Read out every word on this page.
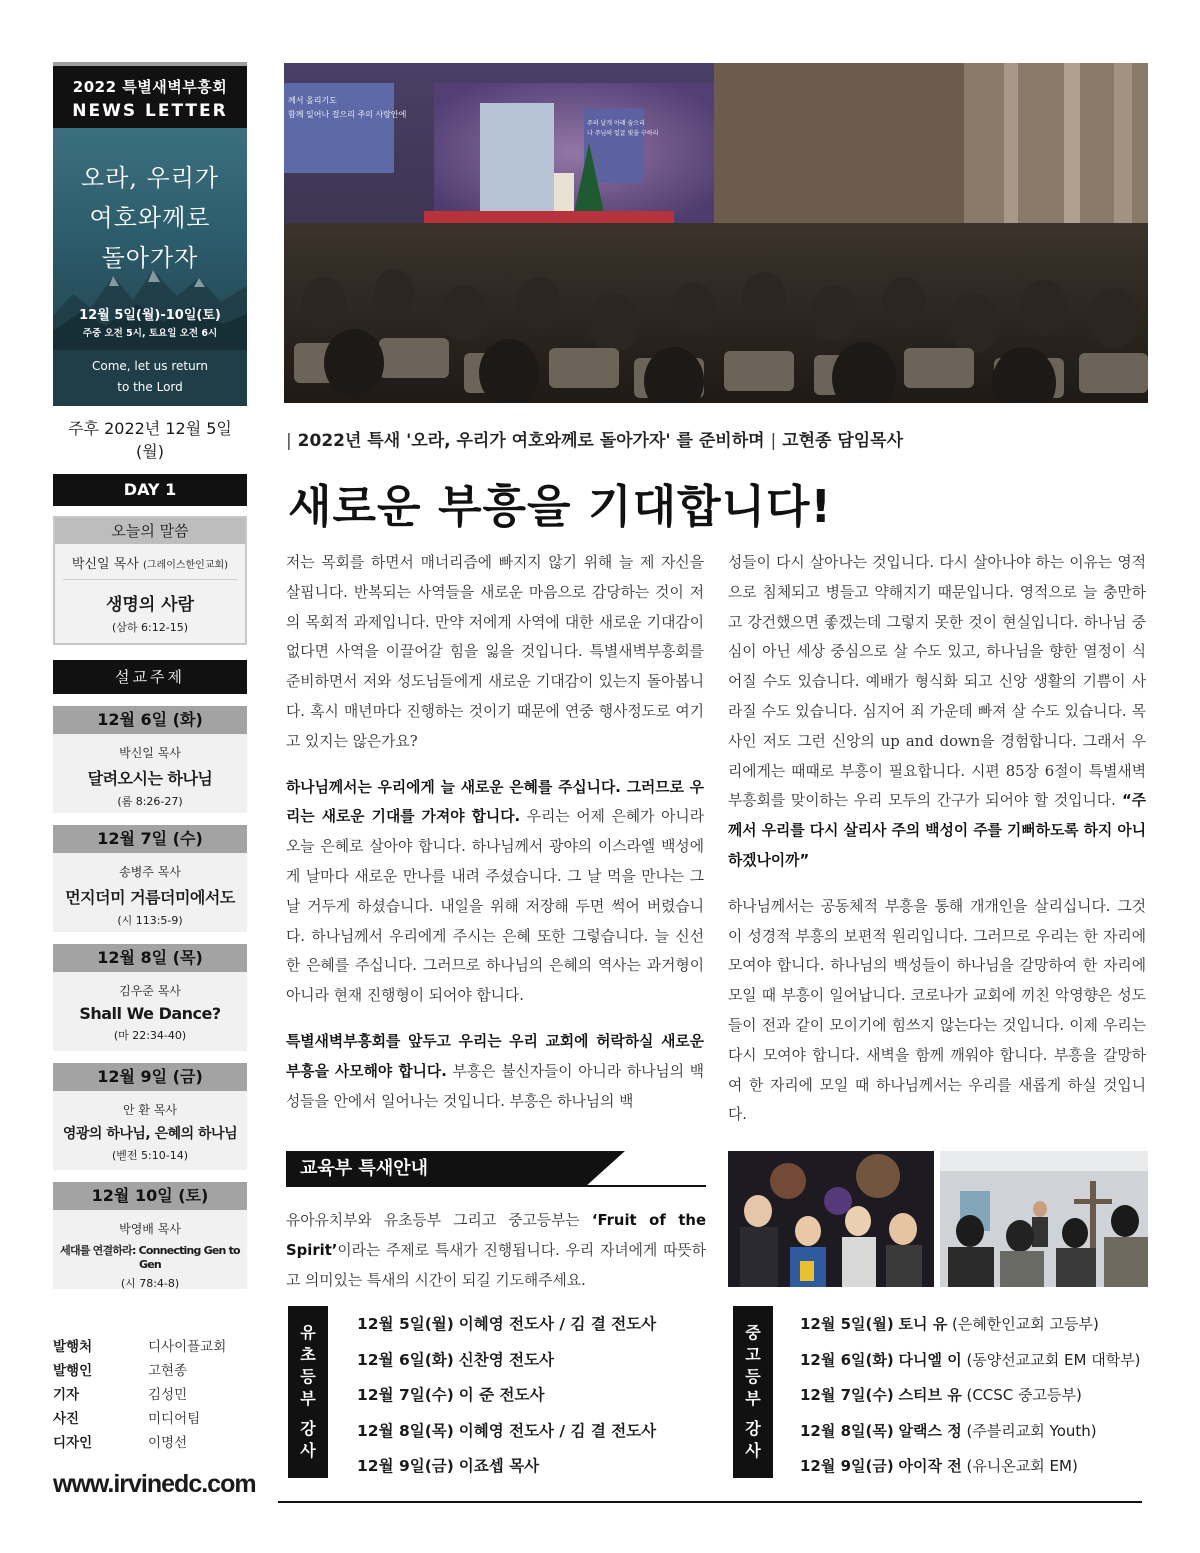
2022 특별새벽부흥회
NEWS LETTER
오라, 우리가
여호와께로
돌아가자
12월 5일(월)-10일(토)
주중 오전 5시, 토요일 오전 6시
Come, let us return
to the Lord
주후 2022년 12월 5일 (월)
DAY 1
오늘의 말씀
박신일 목사 (그레이스한인교회)
생명의 사람
(삼하 6:12-15)
설교주제
12월 6일 (화)
박신일 목사
달려오시는 하나님
(롬 8:26-27)
12월 7일 (수)
송병주 목사
먼지더미 거름더미에서도
(시 113:5-9)
12월 8일 (목)
김우준 목사
Shall We Dance?
(마 22:34-40)
12월 9일 (금)
안 환 목사
영광의 하나님, 은혜의 하나님
(벧전 5:10-14)
12월 10일 (토)
박영배 목사
세대를 연결하라: Connecting Gen to Gen
(시 78:4-8)
발행처	디사이플교회
발행인	고현종
기자	김성민
사진	미디어팀
디자인	이명선
www.irvinedc.com
께서 올리기도
함께 일어나 걸으리 주의 사랑안에
주의 날개 아래 숨으리
나 주님의 얼굴 빛을 구하리
| 2022년 특새 '오라, 우리가 여호와께로 돌아가자' 를 준비하며 | 고현종 담임목사
새로운 부흥을 기대합니다!

저는 목회를 하면서 매너리즘에 빠지지 않기 위해 늘 제 자신을 살핍니다. 반복되는 사역들을 새로운 마음으로 감당하는 것이 저의 목회적 과제입니다. 만약 저에게 사역에 대한 새로운 기대감이 없다면 사역을 이끌어갈 힘을 잃을 것입니다. 특별새벽부흥회를 준비하면서 저와 성도님들에게 새로운 기대감이 있는지 돌아봅니다. 혹시 매년마다 진행하는 것이기 때문에 연중 행사정도로 여기고 있지는 않은가요?

하나님께서는 우리에게 늘 새로운 은혜를 주십니다. 그러므로 우리는 새로운 기대를 가져야 합니다. 우리는 어제 은혜가 아니라 오늘 은혜로 살아야 합니다. 하나님께서 광야의 이스라엘 백성에게 날마다 새로운 만나를 내려 주셨습니다. 그 날 먹을 만나는 그 날 거두게 하셨습니다. 내일을 위해 저장해 두면 썩어 버렸습니다. 하나님께서 우리에게 주시는 은혜 또한 그렇습니다. 늘 신선한 은혜를 주십니다. 그러므로 하나님의 은혜의 역사는 과거형이 아니라 현재 진행형이 되어야 합니다.

특별새벽부흥회를 앞두고 우리는 우리 교회에 허락하실 새로운 부흥을 사모해야 합니다. 부흥은 불신자들이 아니라 하나님의 백성들을 안에서 일어나는 것입니다. 부흥은 하나님의 백

성들이 다시 살아나는 것입니다. 다시 살아나야 하는 이유는 영적으로 침체되고 병들고 약해지기 때문입니다. 영적으로 늘 충만하고 강건했으면 좋겠는데 그렇지 못한 것이 현실입니다. 하나님 중심이 아닌 세상 중심으로 살 수도 있고, 하나님을 향한 열정이 식어질 수도 있습니다. 예배가 형식화 되고 신앙 생활의 기쁨이 사라질 수도 있습니다. 심지어 죄 가운데 빠져 살 수도 있습니다. 목사인 저도 그런 신앙의 up and down을 경험합니다. 그래서 우리에게는 때때로 부흥이 필요합니다. 시편 85장 6절이 특별새벽부흥회를 맞이하는 우리 모두의 간구가 되어야 할 것입니다. “주께서 우리를 다시 살리사 주의 백성이 주를 기뻐하도록 하지 아니하겠나이까”

하나님께서는 공동체적 부흥을 통해 개개인을 살리십니다. 그것이 성경적 부흥의 보편적 원리입니다. 그러므로 우리는 한 자리에 모여야 합니다. 하나님의 백성들이 하나님을 갈망하여 한 자리에 모일 때 부흥이 일어납니다. 코로나가 교회에 끼친 악영향은 성도들이 전과 같이 모이기에 힘쓰지 않는다는 것입니다. 이제 우리는 다시 모여야 합니다. 새벽을 함께 깨워야 합니다. 부흥을 갈망하여 한 자리에 모일 때 하나님께서는 우리를 새롭게 하실 것입니다.

교육부 특새안내
유아유치부와 유초등부 그리고 중고등부는 ‘Fruit of the Spirit’이라는 주제로 특새가 진행됩니다. 우리 자녀에게 따뜻하고 의미있는 특새의 시간이 되길 기도해주세요.
유
초
등
부
강
사
12월 5일(월) 이혜영 전도사 / 김 결 전도사
12월 6일(화) 신찬영 전도사
12월 7일(수) 이 준 전도사
12월 8일(목) 이혜영 전도사 / 김 결 전도사
12월 9일(금) 이죠셉 목사
중
고
등
부
강
사
12월 5일(월) 토니 유 (은혜한인교회 고등부)
12월 6일(화) 다니엘 이 (동양선교교회 EM 대학부)
12월 7일(수) 스티브 유 (CCSC 중고등부)
12월 8일(목) 알랙스 정 (주블리교회 Youth)
12월 9일(금) 아이작 전 (유니온교회 EM)
